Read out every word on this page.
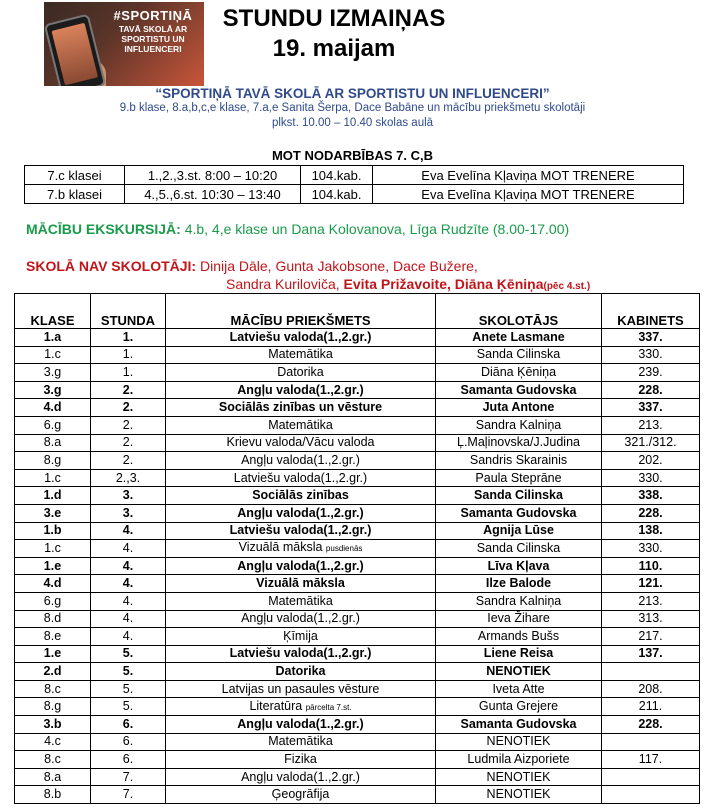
#SPORTIŅĀ
TAVĀ SKOLĀ AR SPORTISTU UN INFLUENCERI
STUNDU IZMAIŅAS
19. maijam
“SPORTIŅĀ TAVĀ SKOLĀ AR SPORTISTU UN INFLUENCERI”
9.b klase, 8.a,b,c,e klase, 7.a,e Sanita Šerpa, Dace Babāne un mācību priekšmetu skolotāji
plkst. 10.00 – 10.40 skolas aulā
MOT NODARBĪBAS 7. C,B
7.c klasei	1.,2.,3.st. 8:00 – 10:20	104.kab.	Eva Evelīna Kļaviņa MOT TRENERE
7.b klasei	4.,5.,6.st. 10:30 – 13:40	104.kab.	Eva Evelīna Kļaviņa MOT TRENERE
MĀCĪBU EKSKURSIJĀ: 4.b, 4,e klase un Dana Kolovanova, Līga Rudzīte (8.00-17.00)
SKOLĀ NAV SKOLOTĀJI: Dinija Dāle, Gunta Jakobsone, Dace Bužere,
Sandra Kuriloviča, Evita Prižavoite, Diāna Ķēniņa(pēc 4.st.)
KLASE	STUNDA	MĀCĪBU PRIEKŠMETS	SKOLOTĀJS	KABINETS
1.a	1.	Latviešu valoda(1.,2.gr.)	Anete Lasmane	337.
1.c	1.	Matemātika	Sanda Cilinska	330.
3.g	1.	Datorika	Diāna Ķēniņa	239.
3.g	2.	Angļu valoda(1.,2.gr.)	Samanta Gudovska	228.
4.d	2.	Sociālās zinības un vēsture	Juta Antone	337.
6.g	2.	Matemātika	Sandra Kalniņa	213.
8.a	2.	Krievu valoda/Vācu valoda	Ļ.Maļinovska/J.Judina	321./312.
8.g	2.	Angļu valoda(1.,2.gr.)	Sandris Skarainis	202.
1.c	2.,3.	Latviešu valoda(1.,2.gr.)	Paula Steprāne	330.
1.d	3.	Sociālās zinības	Sanda Cilinska	338.
3.e	3.	Angļu valoda(1.,2.gr.)	Samanta Gudovska	228.
1.b	4.	Latviešu valoda(1.,2.gr.)	Agnija Lūse	138.
1.c	4.	Vizuālā māksla pusdienās	Sanda Cilinska	330.
1.e	4.	Angļu valoda(1.,2.gr.)	Līva Kļava	110.
4.d	4.	Vizuālā māksla	Ilze Balode	121.
6.g	4.	Matemātika	Sandra Kalniņa	213.
8.d	4.	Angļu valoda(1.,2.gr.)	Ieva Žihare	313.
8.e	4.	Ķīmija	Armands Bušs	217.
1.e	5.	Latviešu valoda(1.,2.gr.)	Liene Reisa	137.
2.d	5.	Datorika	NENOTIEK	
8.c	5.	Latvijas un pasaules vēsture	Iveta Atte	208.
8.g	5.	Literatūra pārcelta 7.st.	Gunta Grejere	211.
3.b	6.	Angļu valoda(1.,2.gr.)	Samanta Gudovska	228.
4.c	6.	Matemātika	NENOTIEK	
8.c	6.	Fizika	Ludmila Aizporiete	117.
8.a	7.	Angļu valoda(1.,2.gr.)	NENOTIEK	
8.b	7.	Ģeogrāfija	NENOTIEK	
